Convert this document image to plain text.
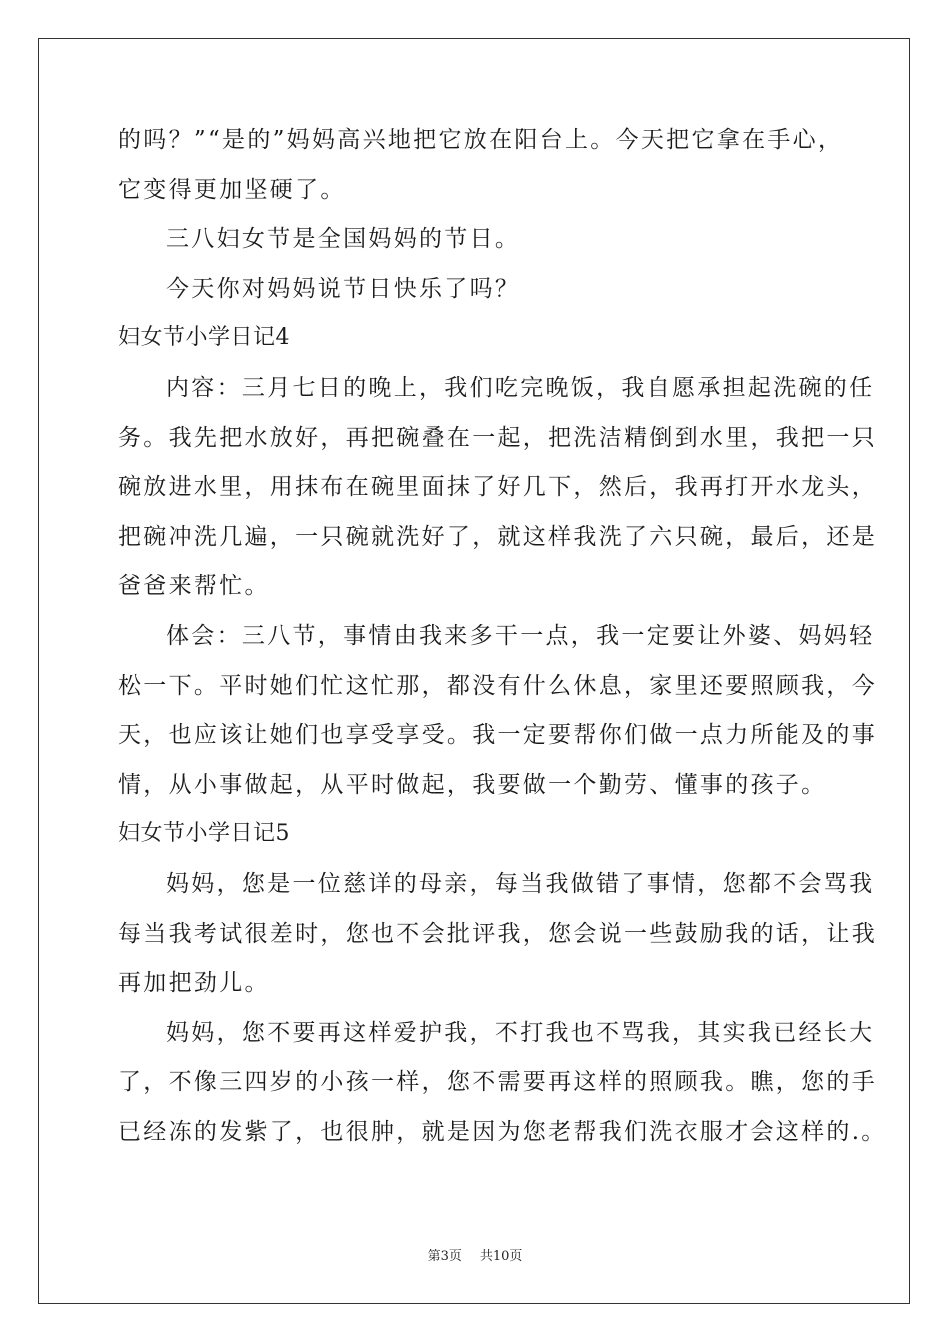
的吗？”“是的”妈妈高兴地把它放在阳台上。今天把它拿在手心，
它变得更加坚硬了。
三八妇女节是全国妈妈的节日。
今天你对妈妈说节日快乐了吗？
妇女节小学日记4
内容：三月七日的晚上，我们吃完晚饭，我自愿承担起洗碗的任
务。我先把水放好，再把碗叠在一起，把洗洁精倒到水里，我把一只
碗放进水里，用抹布在碗里面抹了好几下，然后，我再打开水龙头，
把碗冲洗几遍，一只碗就洗好了，就这样我洗了六只碗，最后，还是
爸爸来帮忙。
体会：三八节，事情由我来多干一点，我一定要让外婆、妈妈轻
松一下。平时她们忙这忙那，都没有什么休息，家里还要照顾我，今
天，也应该让她们也享受享受。我一定要帮你们做一点力所能及的事
情，从小事做起，从平时做起，我要做一个勤劳、懂事的孩子。
妇女节小学日记5
妈妈，您是一位慈详的母亲，每当我做错了事情，您都不会骂我
每当我考试很差时，您也不会批评我，您会说一些鼓励我的话，让我
再加把劲儿。
妈妈，您不要再这样爱护我，不打我也不骂我，其实我已经长大
了，不像三四岁的小孩一样，您不需要再这样的照顾我。瞧，您的手
已经冻的发紫了，也很肿，就是因为您老帮我们洗衣服才会这样的.。
第3页 共10页
